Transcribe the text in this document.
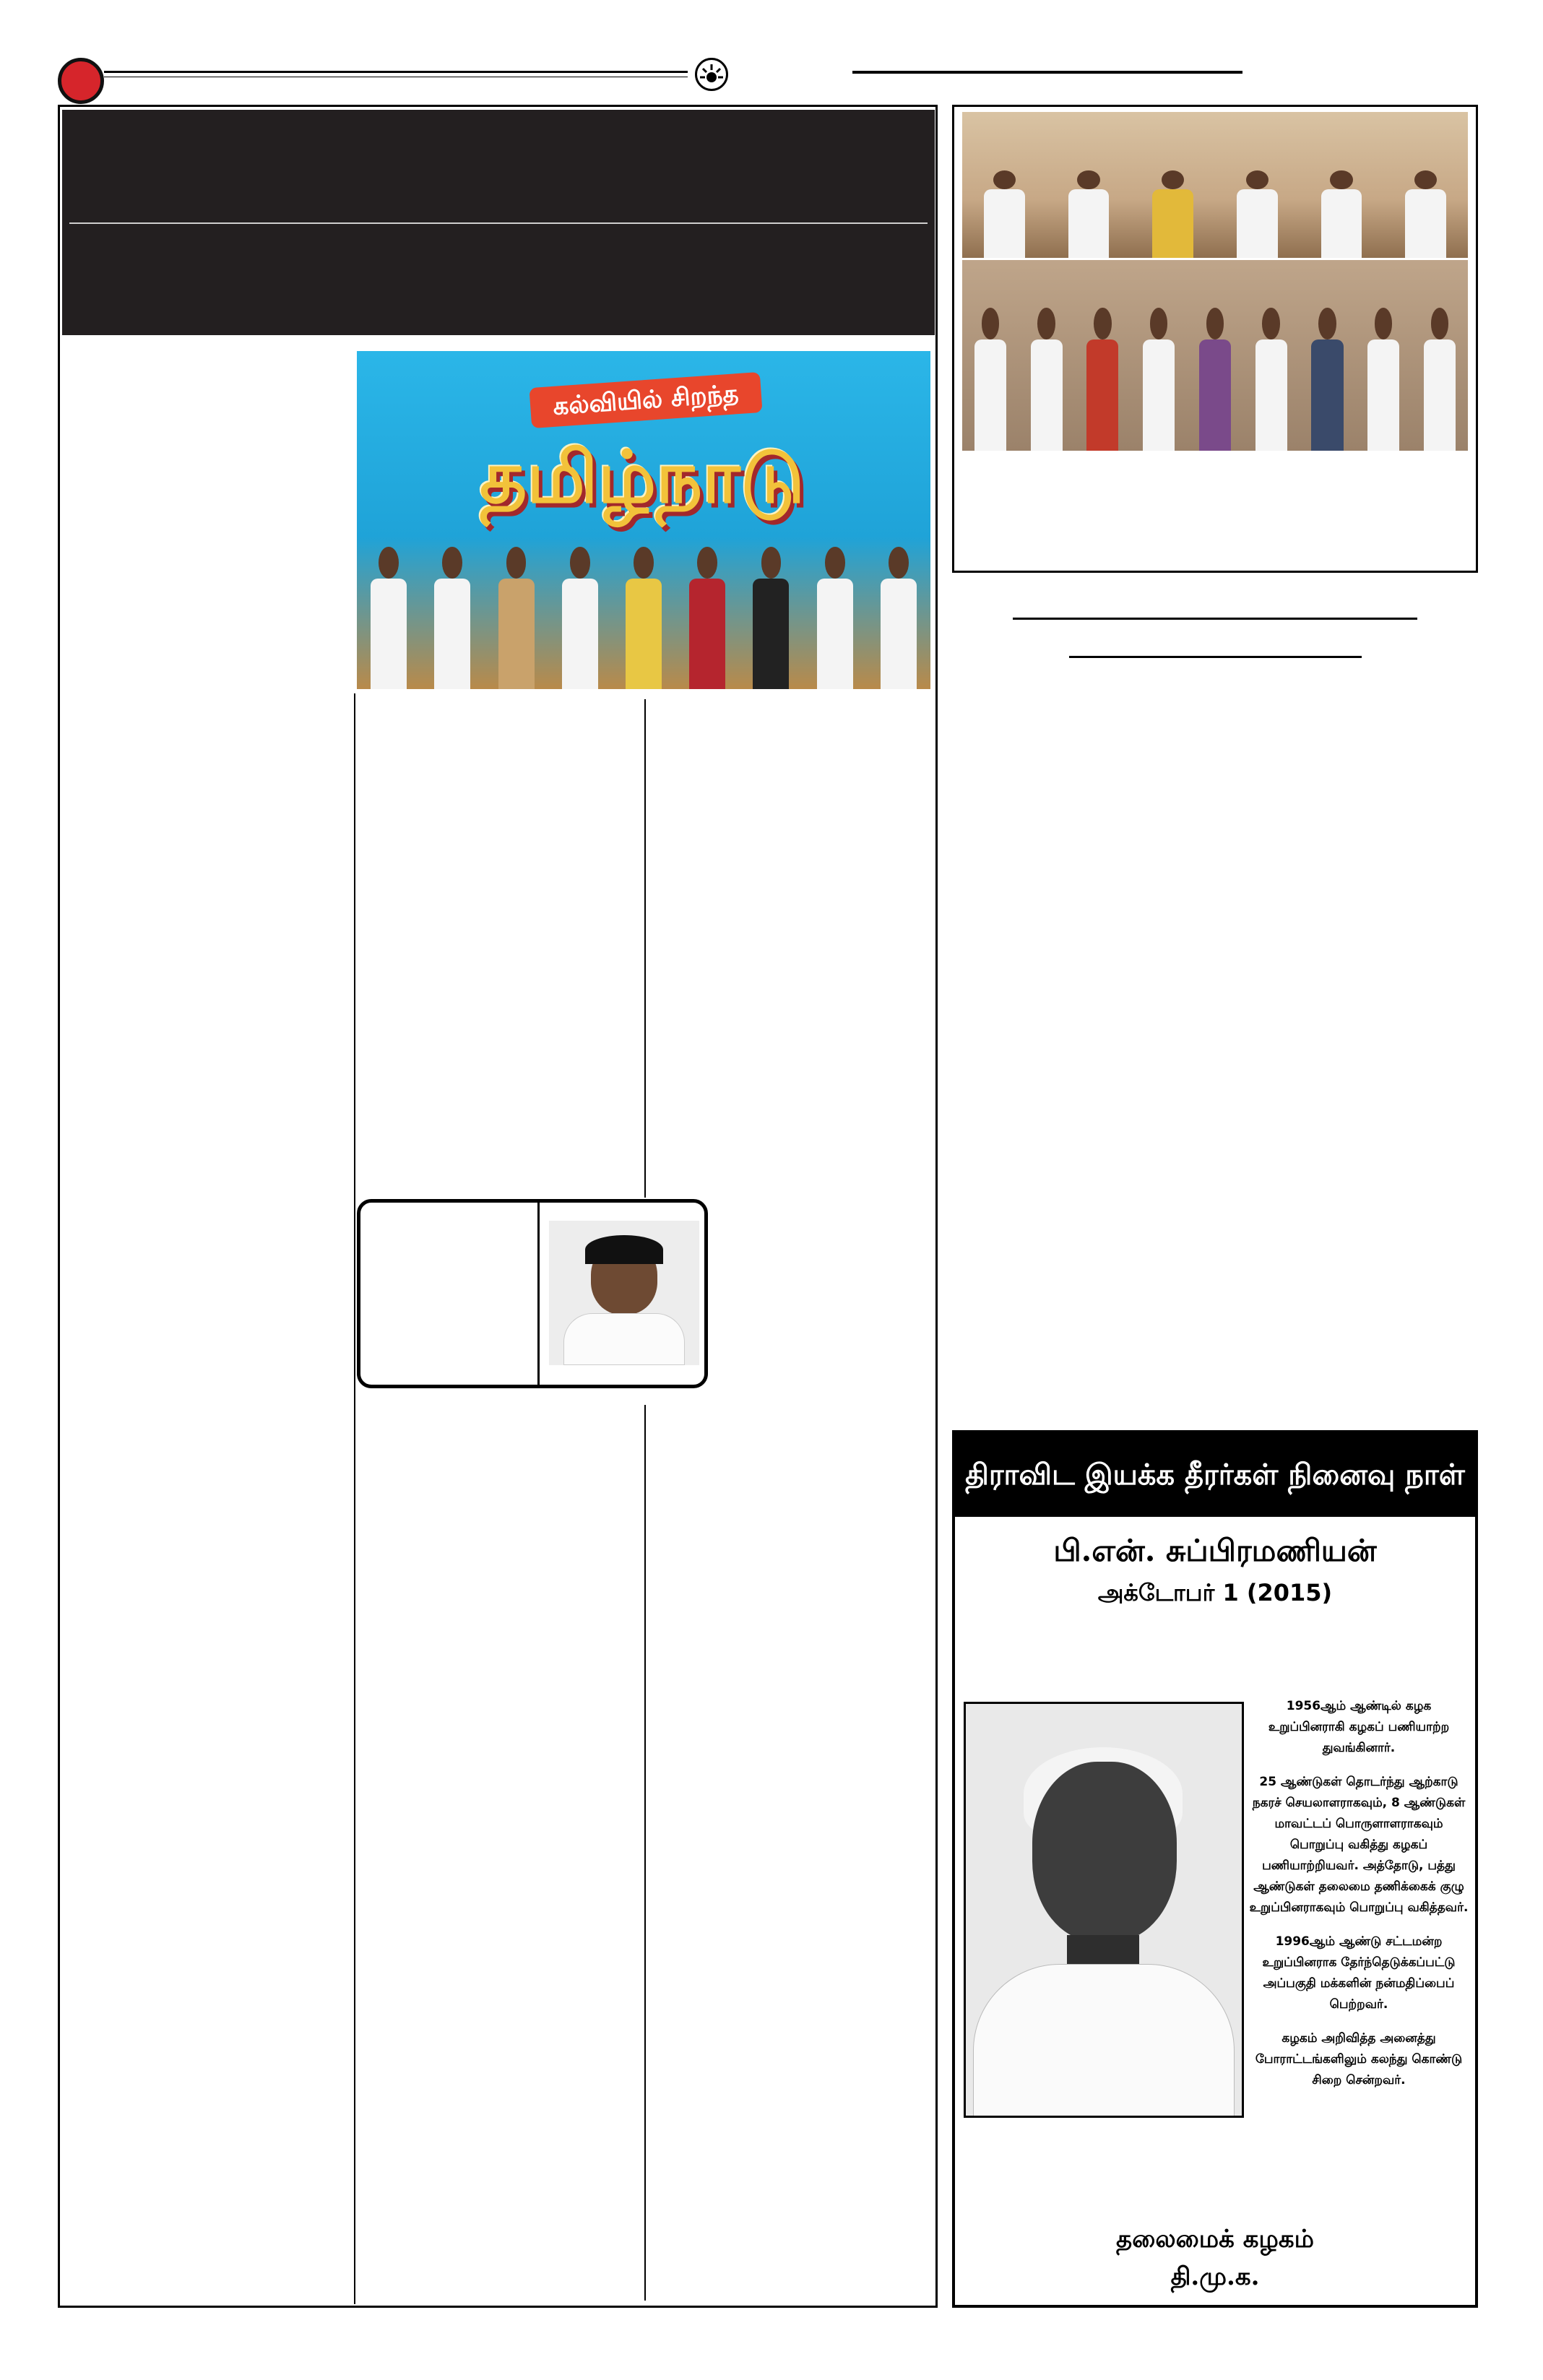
கல்வியில் சிறந்த
தமிழ்நாடு
திராவிட இயக்க தீரர்கள் நினைவு நாள்
பி.என். சுப்பிரமணியன்
அக்டோபர் 1 (2015)

1956ஆம் ஆண்டில் கழக உறுப்பினராகி கழகப் பணியாற்ற துவங்கினார்.

25 ஆண்டுகள் தொடர்ந்து ஆற்காடு நகரச் செயலாளராகவும், 8 ஆண்டுகள் மாவட்டப் பொருளாளராகவும் பொறுப்பு வகித்து கழகப் பணியாற்றியவர். அத்தோடு, பத்து ஆண்டுகள் தலைமை தணிக்கைக் குழு உறுப்பினராகவும் பொறுப்பு வகித்தவர்.

1996ஆம் ஆண்டு சட்டமன்ற உறுப்பினராக தேர்ந்தெடுக்கப்பட்டு அப்பகுதி மக்களின் நன்மதிப்பைப் பெற்றவர்.

கழகம் அறிவித்த அனைத்து போராட்டங்களிலும் கலந்து கொண்டு சிறை சென்றவர்.

தலைமைக் கழகம்
தி.மு.க.
